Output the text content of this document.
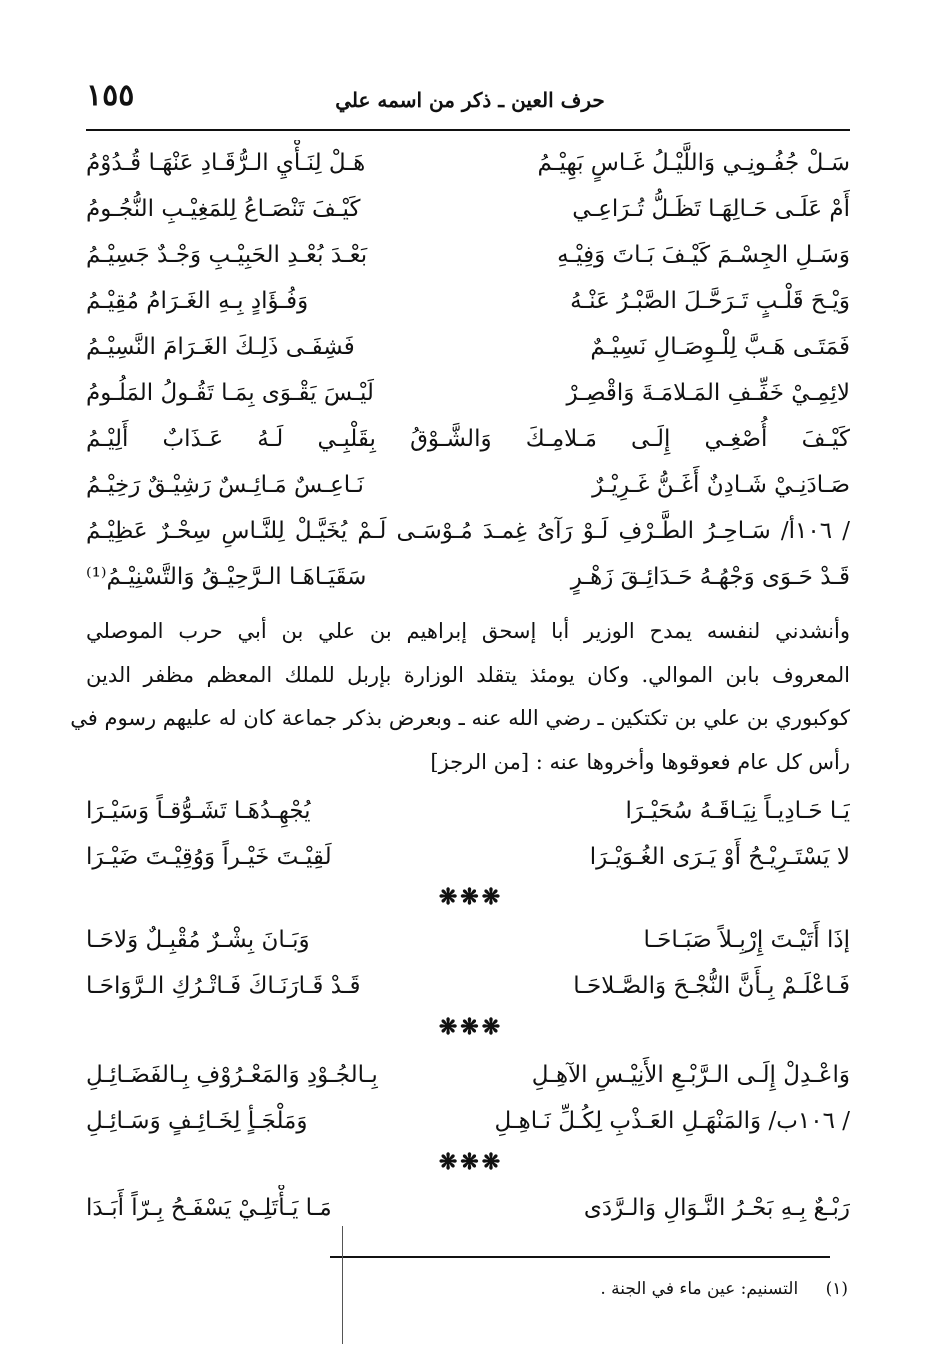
١٥٥	حرف العين ـ ذكر من اسمه علي
سَـلْ جُفُـونِـي وَاللَّيْـلُ غَـاسٍ بَهِيْـمُ
هَـلْ لِنَـأْيِ الـرُّقَـادِ عَنْهَـا قُـدُوْمُ
أَمْ عَلَـى حَـالِهَـا تَظَـلُّ تُـرَاعِـي
كَيْـفَ تَنْصَـاعُ لِلمَغِيْـبِ النُّجُـومُ
وَسَـلِ الجِسْـمَ كَيْـفَ بَـاتَ وَفِيْـهِ
بَعْـدَ بُعْـدِ الحَبِيْـبِ وَجْـدٌ جَسِيْـمُ
وَيْـحَ قَلْـبٍ تَـرَحَّـلَ الصَّبْـرُ عَنْـهُ
وَفُـؤَادٍ بِـهِ الغَـرَامُ مُقِيْـمُ
فَمَتَـى هَـبَّ لِلْـوِصَـالِ نَسِيْـمٌ
فَشِفَـى ذَلِـكَ الغَـرَامَ النَّسِيْـمُ
لائِمِـيْ خَفِّـفِ المَـلامَـةَ وَاقْصِـرْ
لَيْـسَ يَقْـوَى بِمَـا تَقُـولُ المَلُـومُ
كَيْـفَ أُصْغِـي إِلَـى مَـلامِـكَ وَالشَّـوْقُ بِقَلْبِـي لَـهُ عَـذَابٌ أَلِيْـمُ
صَـادَنِـيْ شَـادِنٌ أَغَـنُّ غَـرِيْـرٌ
نَـاعِـسٌ مَـائِـسٌ رَشِيْـقٌ رَخِيْـمُ
/ ١٠٦أ/ سَـاحِـرُ الطَّـرْفِ لَـوْ رَآىُ غِمـدَ مُـوْسَـى لَـمْ يُخَيَّـلْ لِلنَّـاسِ سِحْـرٌ عَظِيْـمُ
قَـدْ حَـوَى وَجْهُـهُ حَـدَائِـقَ زَهْـرٍ
سَقَيَـاهَـا الـرَّحِيْـقُ وَالتَّسْنِيْـمُ⁽¹⁾

وأنشدني لنفسه يمدح الوزير أبا إسحق إبراهيم بن علي بن أبي حرب الموصلي
المعروف بابن الموالي. وكان يومئذ يتقلد الوزارة بإربل للملك المعظم مظفر الدين
كوكبوري بن علي بن تكتكين ـ رضي الله عنه ـ وبعرض بذكر جماعة كان له عليهم رسوم في
رأس كل عام فعوقوها وأخروها عنه : [من الرجز]

يَـا حَـادِيـاً نِيَـاقَـهُ سُحَيْـرَا
يُجْهِـدُهَـا تَشَـوُّقـاً وَسَيْـرَا
لا يَسْتَـرِيْـحُ أَوْ يَـرَى الغُـوَيْـرَا
لَقِيْـتَ خَيْـراً وَوُقِيْـتَ ضَيْـرَا
❋❋❋
إذَا أَتَيْـتَ إِرْبِـلاً صَبَـاحَـا
وَبَـانَ بِشْـرٌ مُقْبِـلٌ وَلاحَـا
فَـاعْلَـمْ بِـأَنَّ النُّجْـحَ وَالصَّـلاحَـا
قَـدْ قَـارَنَـاكَ فَـاتْـرُكِ الـرَّوَاحَـا
❋❋❋
وَاعْـدِلْ إِلَـى الـرَّبْـعِ الأَنِيْـسِ الآهِـلِ
بِـالجُـوْدِ وَالمَعْـرُوْفِ بِـالفَضَـائِـلِ
/ ١٠٦ب/ وَالمَنْهَـلِ العَـذْبِ لِكُـلِّ نَـاهِـلِ
وَمَلْجَـأٍ لِخَـائِـفٍ وَسَـائِـلِ
❋❋❋
رَبْـعٌ بِـهِ بَحْـرُ النَّـوَالِ وَالـرَّدَى
مَـا يَـأْتَلِـيْ يَسْفَـحُ بِـرّاً أَبَـدَا
(١) التسنيم: عين ماء في الجنة .
